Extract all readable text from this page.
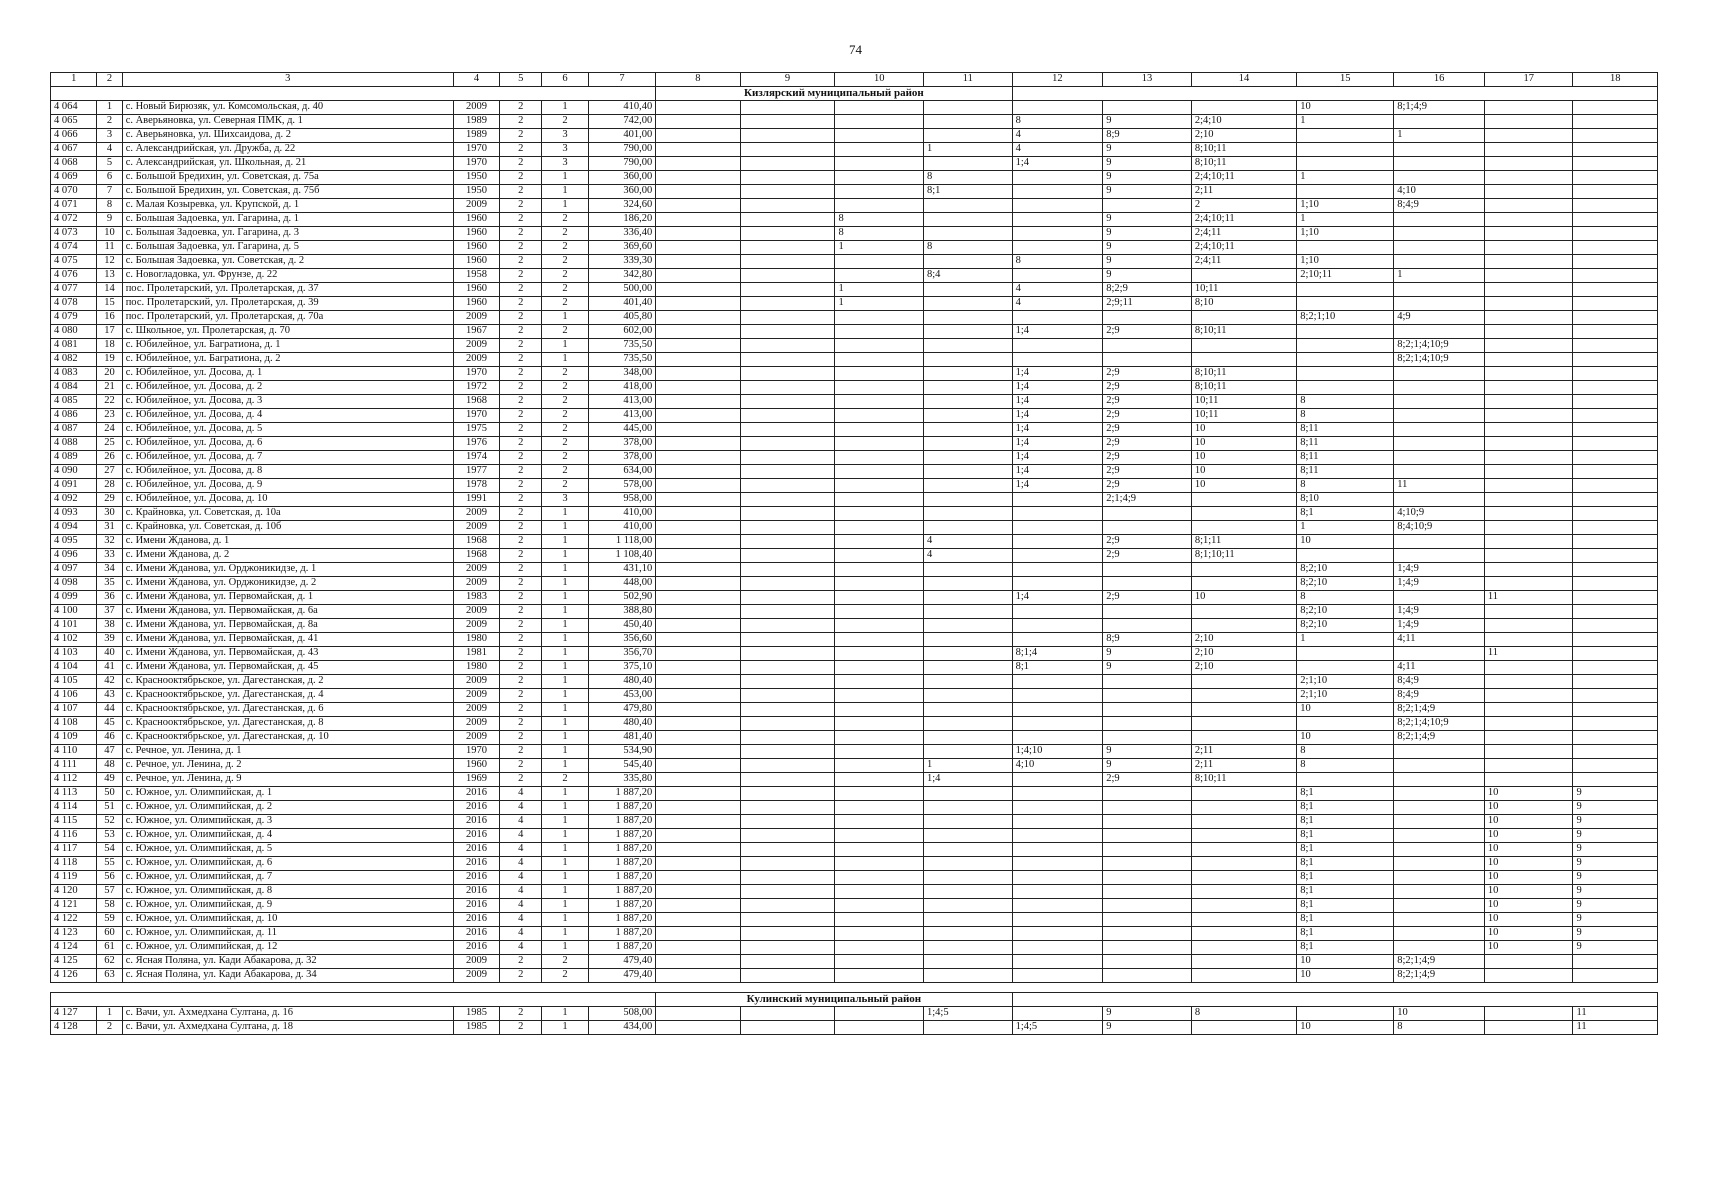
74
1	2	3	4	5	6	7	8	9	10	11	12	13	14	15	16	17	18
							Кизлярский муниципальный район										
4 064	1	с. Новый Бирюзяк, ул. Комсомольская, д. 40	2009	2	1	410,40								10	8;1;4;9		
4 065	2	с. Аверьяновка, ул. Северная ПМК, д. 1	1989	2	2	742,00					8	9	2;4;10	1			
4 066	3	с. Аверьяновка, ул. Шихсаидова, д. 2	1989	2	3	401,00					4	8;9	2;10		1		
4 067	4	с. Александрийская, ул. Дружба, д. 22	1970	2	3	790,00				1	4	9	8;10;11				
4 068	5	с. Александрийская, ул. Школьная, д. 21	1970	2	3	790,00					1;4	9	8;10;11				
4 069	6	с. Большой Бредихин, ул. Советская, д. 75а	1950	2	1	360,00				8		9	2;4;10;11	1			
4 070	7	с. Большой Бредихин, ул. Советская, д. 75б	1950	2	1	360,00				8;1		9	2;11		4;10		
4 071	8	с. Малая Козыревка, ул. Крупской, д. 1	2009	2	1	324,60							2	1;10	8;4;9		
4 072	9	с. Большая Задоевка, ул. Гагарина, д. 1	1960	2	2	186,20			8			9	2;4;10;11	1			
4 073	10	с. Большая Задоевка, ул. Гагарина, д. 3	1960	2	2	336,40			8			9	2;4;11	1;10			
4 074	11	с. Большая Задоевка, ул. Гагарина, д. 5	1960	2	2	369,60			1	8		9	2;4;10;11				
4 075	12	с. Большая Задоевка, ул. Советская, д. 2	1960	2	2	339,30					8	9	2;4;11	1;10			
4 076	13	с. Новогладовка, ул. Фрунзе, д. 22	1958	2	2	342,80				8;4		9		2;10;11	1		
4 077	14	пос. Пролетарский, ул. Пролетарская, д. 37	1960	2	2	500,00			1		4	8;2;9	10;11				
4 078	15	пос. Пролетарский, ул. Пролетарская, д. 39	1960	2	2	401,40			1		4	2;9;11	8;10				
4 079	16	пос. Пролетарский, ул. Пролетарская, д. 70а	2009	2	1	405,80								8;2;1;10	4;9		
4 080	17	с. Школьное, ул. Пролетарская, д. 70	1967	2	2	602,00					1;4	2;9	8;10;11				
4 081	18	с. Юбилейное, ул. Багратиона, д. 1	2009	2	1	735,50									8;2;1;4;10;9		
4 082	19	с. Юбилейное, ул. Багратиона, д. 2	2009	2	1	735,50									8;2;1;4;10;9		
4 083	20	с. Юбилейное, ул. Досова, д. 1	1970	2	2	348,00					1;4	2;9	8;10;11				
4 084	21	с. Юбилейное, ул. Досова, д. 2	1972	2	2	418,00					1;4	2;9	8;10;11				
4 085	22	с. Юбилейное, ул. Досова, д. 3	1968	2	2	413,00					1;4	2;9	10;11	8			
4 086	23	с. Юбилейное, ул. Досова, д. 4	1970	2	2	413,00					1;4	2;9	10;11	8			
4 087	24	с. Юбилейное, ул. Досова, д. 5	1975	2	2	445,00					1;4	2;9	10	8;11			
4 088	25	с. Юбилейное, ул. Досова, д. 6	1976	2	2	378,00					1;4	2;9	10	8;11			
4 089	26	с. Юбилейное, ул. Досова, д. 7	1974	2	2	378,00					1;4	2;9	10	8;11			
4 090	27	с. Юбилейное, ул. Досова, д. 8	1977	2	2	634,00					1;4	2;9	10	8;11			
4 091	28	с. Юбилейное, ул. Досова, д. 9	1978	2	2	578,00					1;4	2;9	10	8	11		
4 092	29	с. Юбилейное, ул. Досова, д. 10	1991	2	3	958,00						2;1;4;9		8;10			
4 093	30	с. Крайновка, ул. Советская, д. 10а	2009	2	1	410,00								8;1	4;10;9		
4 094	31	с. Крайновка, ул. Советская, д. 10б	2009	2	1	410,00								1	8;4;10;9		
4 095	32	с. Имени Жданова, д. 1	1968	2	1	1 118,00				4		2;9	8;1;11	10			
4 096	33	с. Имени Жданова, д. 2	1968	2	1	1 108,40				4		2;9	8;1;10;11				
4 097	34	с. Имени Жданова, ул. Орджоникидзе, д. 1	2009	2	1	431,10								8;2;10	1;4;9		
4 098	35	с. Имени Жданова, ул. Орджоникидзе, д. 2	2009	2	1	448,00								8;2;10	1;4;9		
4 099	36	с. Имени Жданова, ул. Первомайская, д. 1	1983	2	1	502,90					1;4	2;9	10	8		11	
4 100	37	с. Имени Жданова, ул. Первомайская, д. 6а	2009	2	1	388,80								8;2;10	1;4;9		
4 101	38	с. Имени Жданова, ул. Первомайская, д. 8а	2009	2	1	450,40								8;2;10	1;4;9		
4 102	39	с. Имени Жданова, ул. Первомайская, д. 41	1980	2	1	356,60						8;9	2;10	1	4;11		
4 103	40	с. Имени Жданова, ул. Первомайская, д. 43	1981	2	1	356,70					8;1;4	9	2;10			11	
4 104	41	с. Имени Жданова, ул. Первомайская, д. 45	1980	2	1	375,10					8;1	9	2;10		4;11		
4 105	42	с. Краснооктябрьское, ул. Дагестанская, д. 2	2009	2	1	480,40								2;1;10	8;4;9		
4 106	43	с. Краснооктябрьское, ул. Дагестанская, д. 4	2009	2	1	453,00								2;1;10	8;4;9		
4 107	44	с. Краснооктябрьское, ул. Дагестанская, д. 6	2009	2	1	479,80								10	8;2;1;4;9		
4 108	45	с. Краснооктябрьское, ул. Дагестанская, д. 8	2009	2	1	480,40									8;2;1;4;10;9		
4 109	46	с. Краснооктябрьское, ул. Дагестанская, д. 10	2009	2	1	481,40								10	8;2;1;4;9		
4 110	47	с. Речное, ул. Ленина, д. 1	1970	2	1	534,90					1;4;10	9	2;11	8			
4 111	48	с. Речное, ул. Ленина, д. 2	1960	2	1	545,40				1	4;10	9	2;11	8			
4 112	49	с. Речное, ул. Ленина, д. 9	1969	2	2	335,80				1;4		2;9	8;10;11				
4 113	50	с. Южное, ул. Олимпийская, д. 1	2016	4	1	1 887,20								8;1		10	9
4 114	51	с. Южное, ул. Олимпийская, д. 2	2016	4	1	1 887,20								8;1		10	9
4 115	52	с. Южное, ул. Олимпийская, д. 3	2016	4	1	1 887,20								8;1		10	9
4 116	53	с. Южное, ул. Олимпийская, д. 4	2016	4	1	1 887,20								8;1		10	9
4 117	54	с. Южное, ул. Олимпийская, д. 5	2016	4	1	1 887,20								8;1		10	9
4 118	55	с. Южное, ул. Олимпийская, д. 6	2016	4	1	1 887,20								8;1		10	9
4 119	56	с. Южное, ул. Олимпийская, д. 7	2016	4	1	1 887,20								8;1		10	9
4 120	57	с. Южное, ул. Олимпийская, д. 8	2016	4	1	1 887,20								8;1		10	9
4 121	58	с. Южное, ул. Олимпийская, д. 9	2016	4	1	1 887,20								8;1		10	9
4 122	59	с. Южное, ул. Олимпийская, д. 10	2016	4	1	1 887,20								8;1		10	9
4 123	60	с. Южное, ул. Олимпийская, д. 11	2016	4	1	1 887,20								8;1		10	9
4 124	61	с. Южное, ул. Олимпийская, д. 12	2016	4	1	1 887,20								8;1		10	9
4 125	62	с. Ясная Поляна, ул. Кади Абакарова, д. 32	2009	2	2	479,40								10	8;2;1;4;9		
4 126	63	с. Ясная Поляна, ул. Кади Абакарова, д. 34	2009	2	2	479,40								10	8;2;1;4;9		

							Кулинский муниципальный район										
4 127	1	с. Вачи, ул. Ахмедхана Султана, д. 16	1985	2	1	508,00				1;4;5		9	8		10		11
4 128	2	с. Вачи, ул. Ахмедхана Султана, д. 18	1985	2	1	434,00					1;4;5	9		10	8		11
